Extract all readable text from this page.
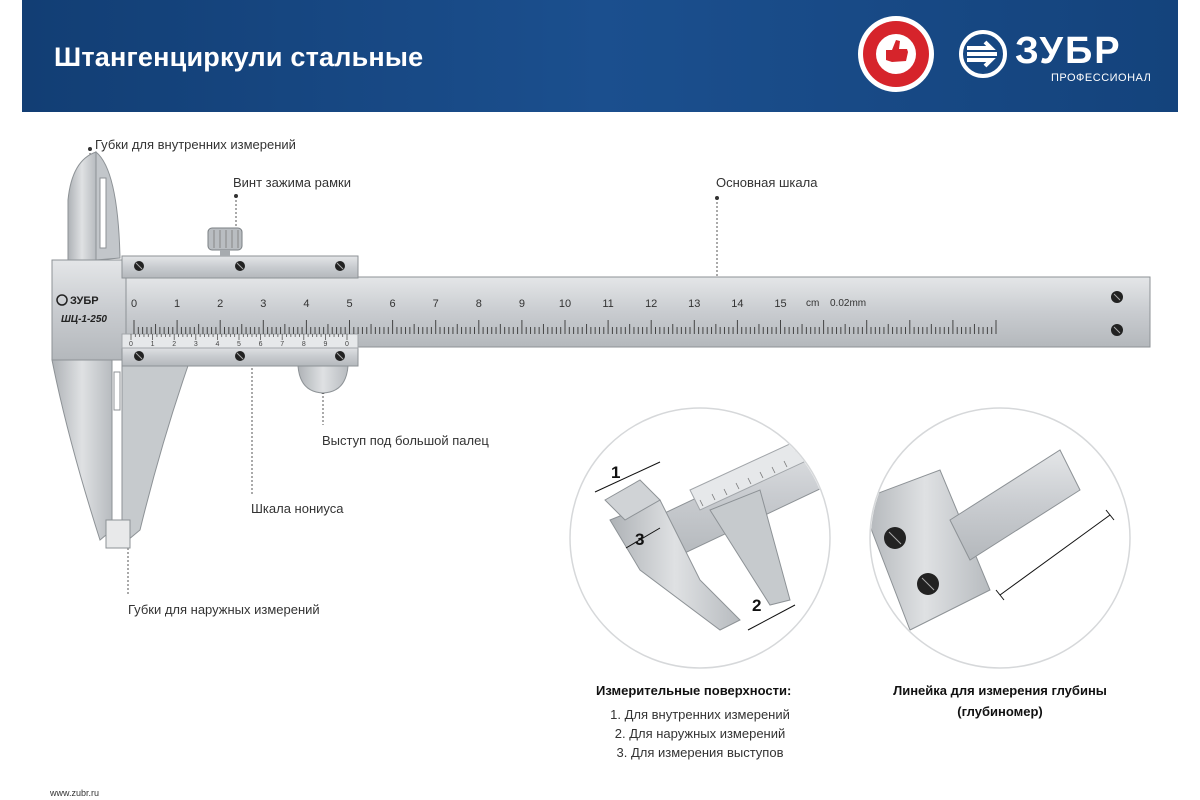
Штангенциркули стальные	ЗУБР
ПРОФЕССИОНАЛ
Губки для внутренних измерений
Винт зажима рамки	Основная шкала
Выступ под большой палец
Шкала нониуса
Губки для наружных измерений
0	1	2	3	4	5	6	7	8	9	10	11	12	13	14	15 cm 0.02mm
0	1	2	3	4	5	6	7	8	9	0
ЗУБР
ШЦ-1-250
1
3
2
Измерительные поверхности:
1. Для внутренних измерений
2. Для наружных измерений
3. Для измерения выступов
Линейка для измерения глубины
(глубиномер)
www.zubr.ru
